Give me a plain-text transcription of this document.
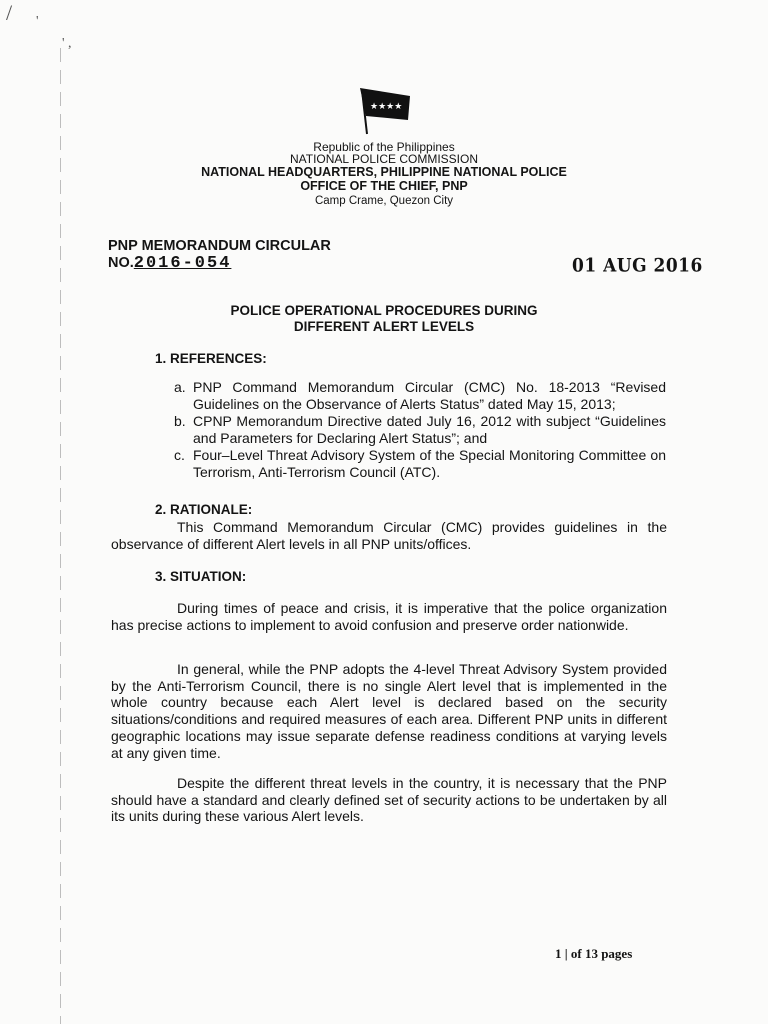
/ '
' ,
★★★★
Republic of the Philippines
NATIONAL POLICE COMMISSION
NATIONAL HEADQUARTERS, PHILIPPINE NATIONAL POLICE
OFFICE OF THE CHIEF, PNP
Camp Crame, Quezon City
PNP MEMORANDUM CIRCULAR
NO.2016-054	01 AUG 2016
POLICE OPERATIONAL PROCEDURES DURING
DIFFERENT ALERT LEVELS
1. REFERENCES:
a. PNP Command Memorandum Circular (CMC) No. 18-2013 “Revised Guidelines on the Observance of Alerts Status” dated May 15, 2013;
b. CPNP Memorandum Directive dated July 16, 2012 with subject “Guidelines and Parameters for Declaring Alert Status”; and
c. Four–Level Threat Advisory System of the Special Monitoring Committee on Terrorism, Anti-Terrorism Council (ATC).
2. RATIONALE:
This Command Memorandum Circular (CMC) provides guidelines in the observance of different Alert levels in all PNP units/offices.
3. SITUATION:
During times of peace and crisis, it is imperative that the police organization has precise actions to implement to avoid confusion and preserve order nationwide.
In general, while the PNP adopts the 4-level Threat Advisory System provided by the Anti-Terrorism Council, there is no single Alert level that is implemented in the whole country because each Alert level is declared based on the security situations/conditions and required measures of each area. Different PNP units in different geographic locations may issue separate defense readiness conditions at varying levels at any given time.
Despite the different threat levels in the country, it is necessary that the PNP should have a standard and clearly defined set of security actions to be undertaken by all its units during these various Alert levels.
1 | of 13 pages
